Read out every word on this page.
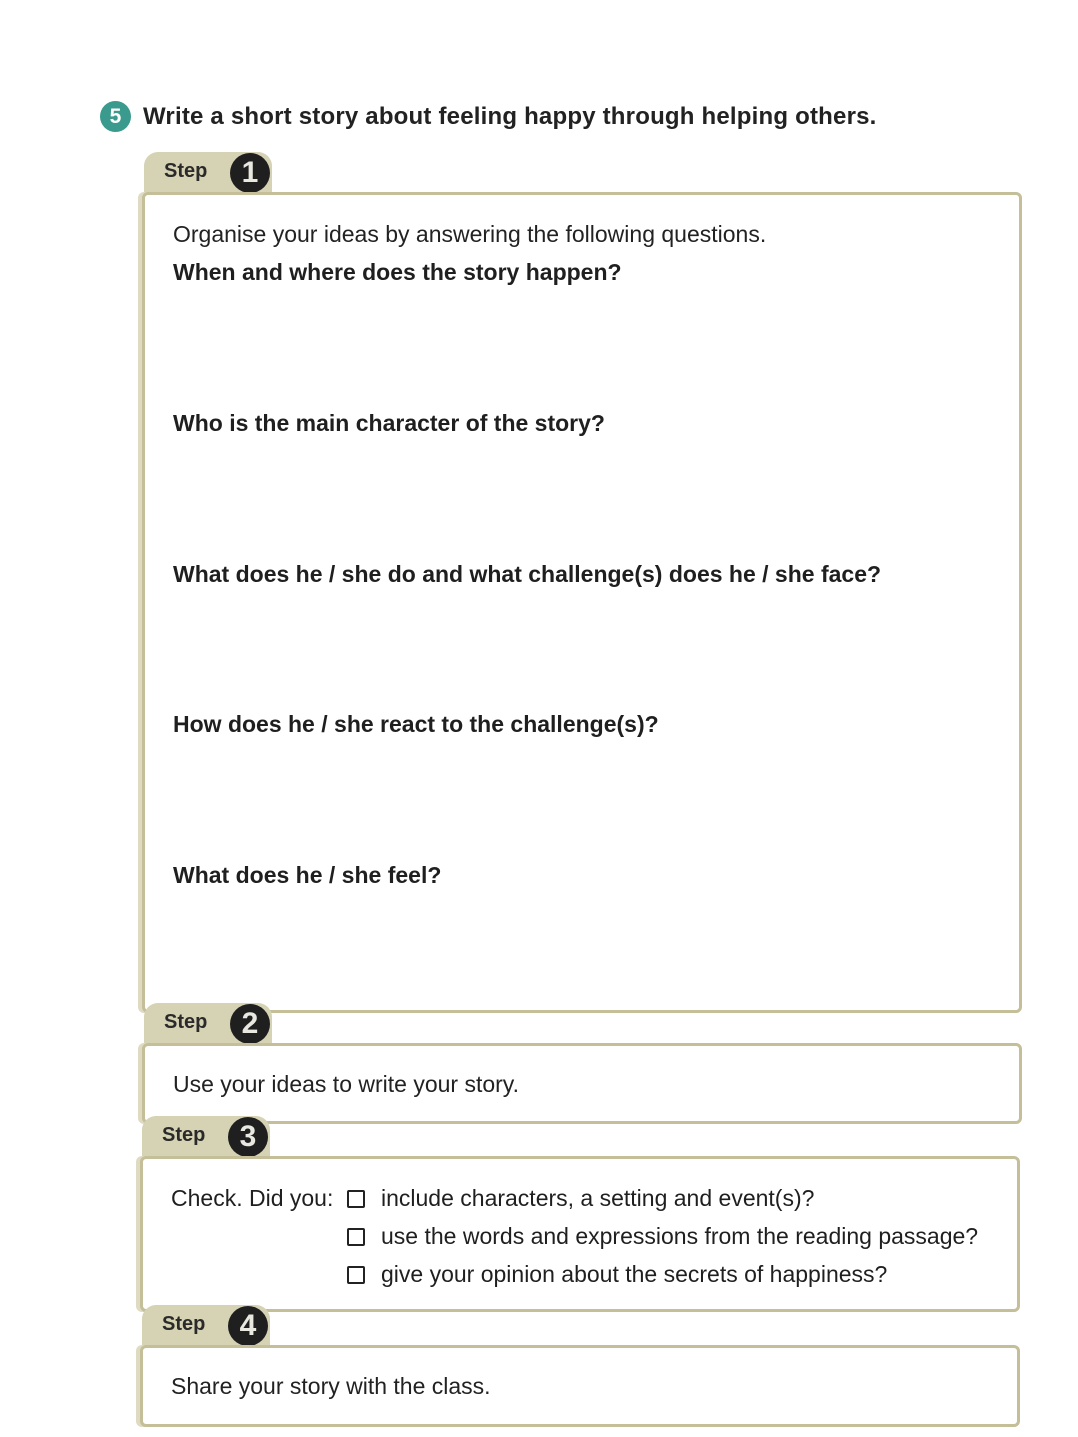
5 Write a short story about feeling happy through helping others.
Step	1
Organise your ideas by answering the following questions.
When and where does the story happen?
Who is the main character of the story?
What does he / she do and what challenge(s) does he / she face?
How does he / she react to the challenge(s)?
What does he / she feel?
Step	2
Use your ideas to write your story.
Step	3
Check. Did you: include characters, a setting and event(s)?
use the words and expressions from the reading passage?
give your opinion about the secrets of happiness?
Step	4
Share your story with the class.
